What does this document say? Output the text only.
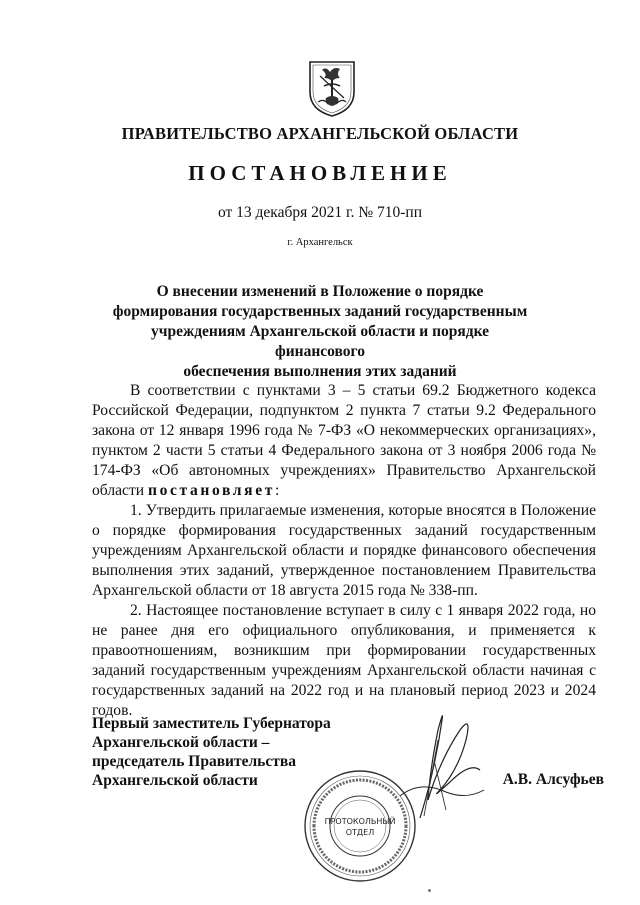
ПРАВИТЕЛЬСТВО АРХАНГЕЛЬСКОЙ ОБЛАСТИ
ПОСТАНОВЛЕНИЕ
от 13 декабря 2021 г. № 710-пп
г. Архангельск
О внесении изменений в Положение о порядке
формирования государственных заданий государственным
учреждениям Архангельской области и порядке финансового
обеспечения выполнения этих заданий

В соответствии с пунктами 3 – 5 статьи 69.2 Бюджетного кодекса Российской Федерации, подпунктом 2 пункта 7 статьи 9.2 Федерального закона от 12 января 1996 года № 7-ФЗ «О некоммерческих организациях», пунктом 2 части 5 статьи 4 Федерального закона от 3 ноября 2006 года № 174-ФЗ «Об автономных учреждениях» Правительство Архангельской области постановляет:

1. Утвердить прилагаемые изменения, которые вносятся в Положение о порядке формирования государственных заданий государственным учреждениям Архангельской области и порядке финансового обеспечения выполнения этих заданий, утвержденное постановлением Правительства Архангельской области от 18 августа 2015 года № 338-пп.

2. Настоящее постановление вступает в силу с 1 января 2022 года, но не ранее дня его официального опубликования, и применяется к правоотношениям, возникшим при формировании государственных заданий государственным учреждениям Архангельской области начиная с государственных заданий на 2022 год и на плановый период 2023 и 2024 годов.

Первый заместитель Губернатора
Архангельской области –
председатель Правительства
Архангельской области	А.В. Алсуфьев
ПРОТОКОЛЬНЫЙ
ОТДЕЛ
